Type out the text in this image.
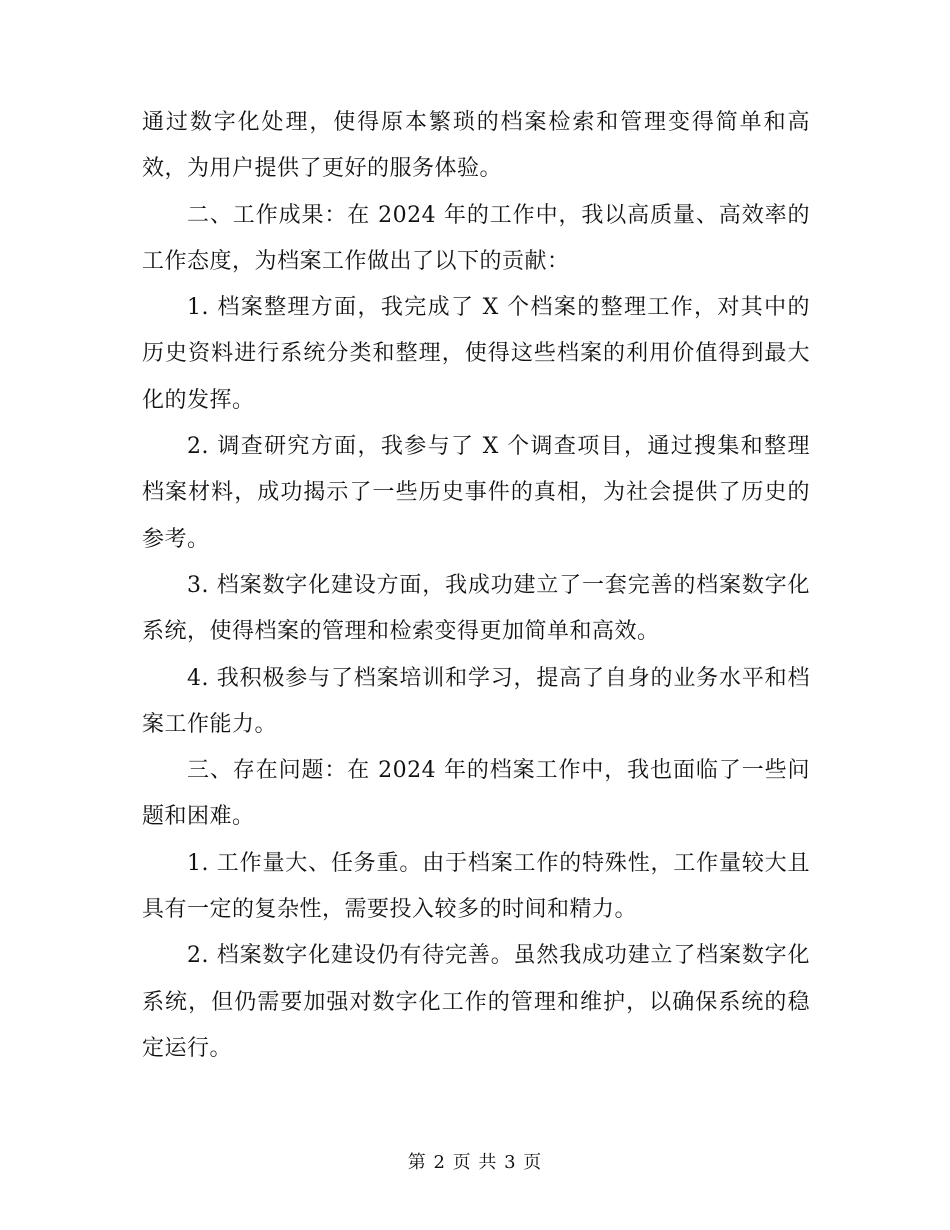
通过数字化处理，使得原本繁琐的档案检索和管理变得简单和高效，为用户提供了更好的服务体验。

二、工作成果：在 2024 年的工作中，我以高质量、高效率的工作态度，为档案工作做出了以下的贡献：

1. 档案整理方面，我完成了 X 个档案的整理工作，对其中的历史资料进行系统分类和整理，使得这些档案的利用价值得到最大化的发挥。

2. 调查研究方面，我参与了 X 个调查项目，通过搜集和整理档案材料，成功揭示了一些历史事件的真相，为社会提供了历史的参考。

3. 档案数字化建设方面，我成功建立了一套完善的档案数字化系统，使得档案的管理和检索变得更加简单和高效。

4. 我积极参与了档案培训和学习，提高了自身的业务水平和档案工作能力。

三、存在问题：在 2024 年的档案工作中，我也面临了一些问题和困难。

1. 工作量大、任务重。由于档案工作的特殊性，工作量较大且具有一定的复杂性，需要投入较多的时间和精力。

2. 档案数字化建设仍有待完善。虽然我成功建立了档案数字化系统，但仍需要加强对数字化工作的管理和维护，以确保系统的稳定运行。

第 2 页 共 3 页
